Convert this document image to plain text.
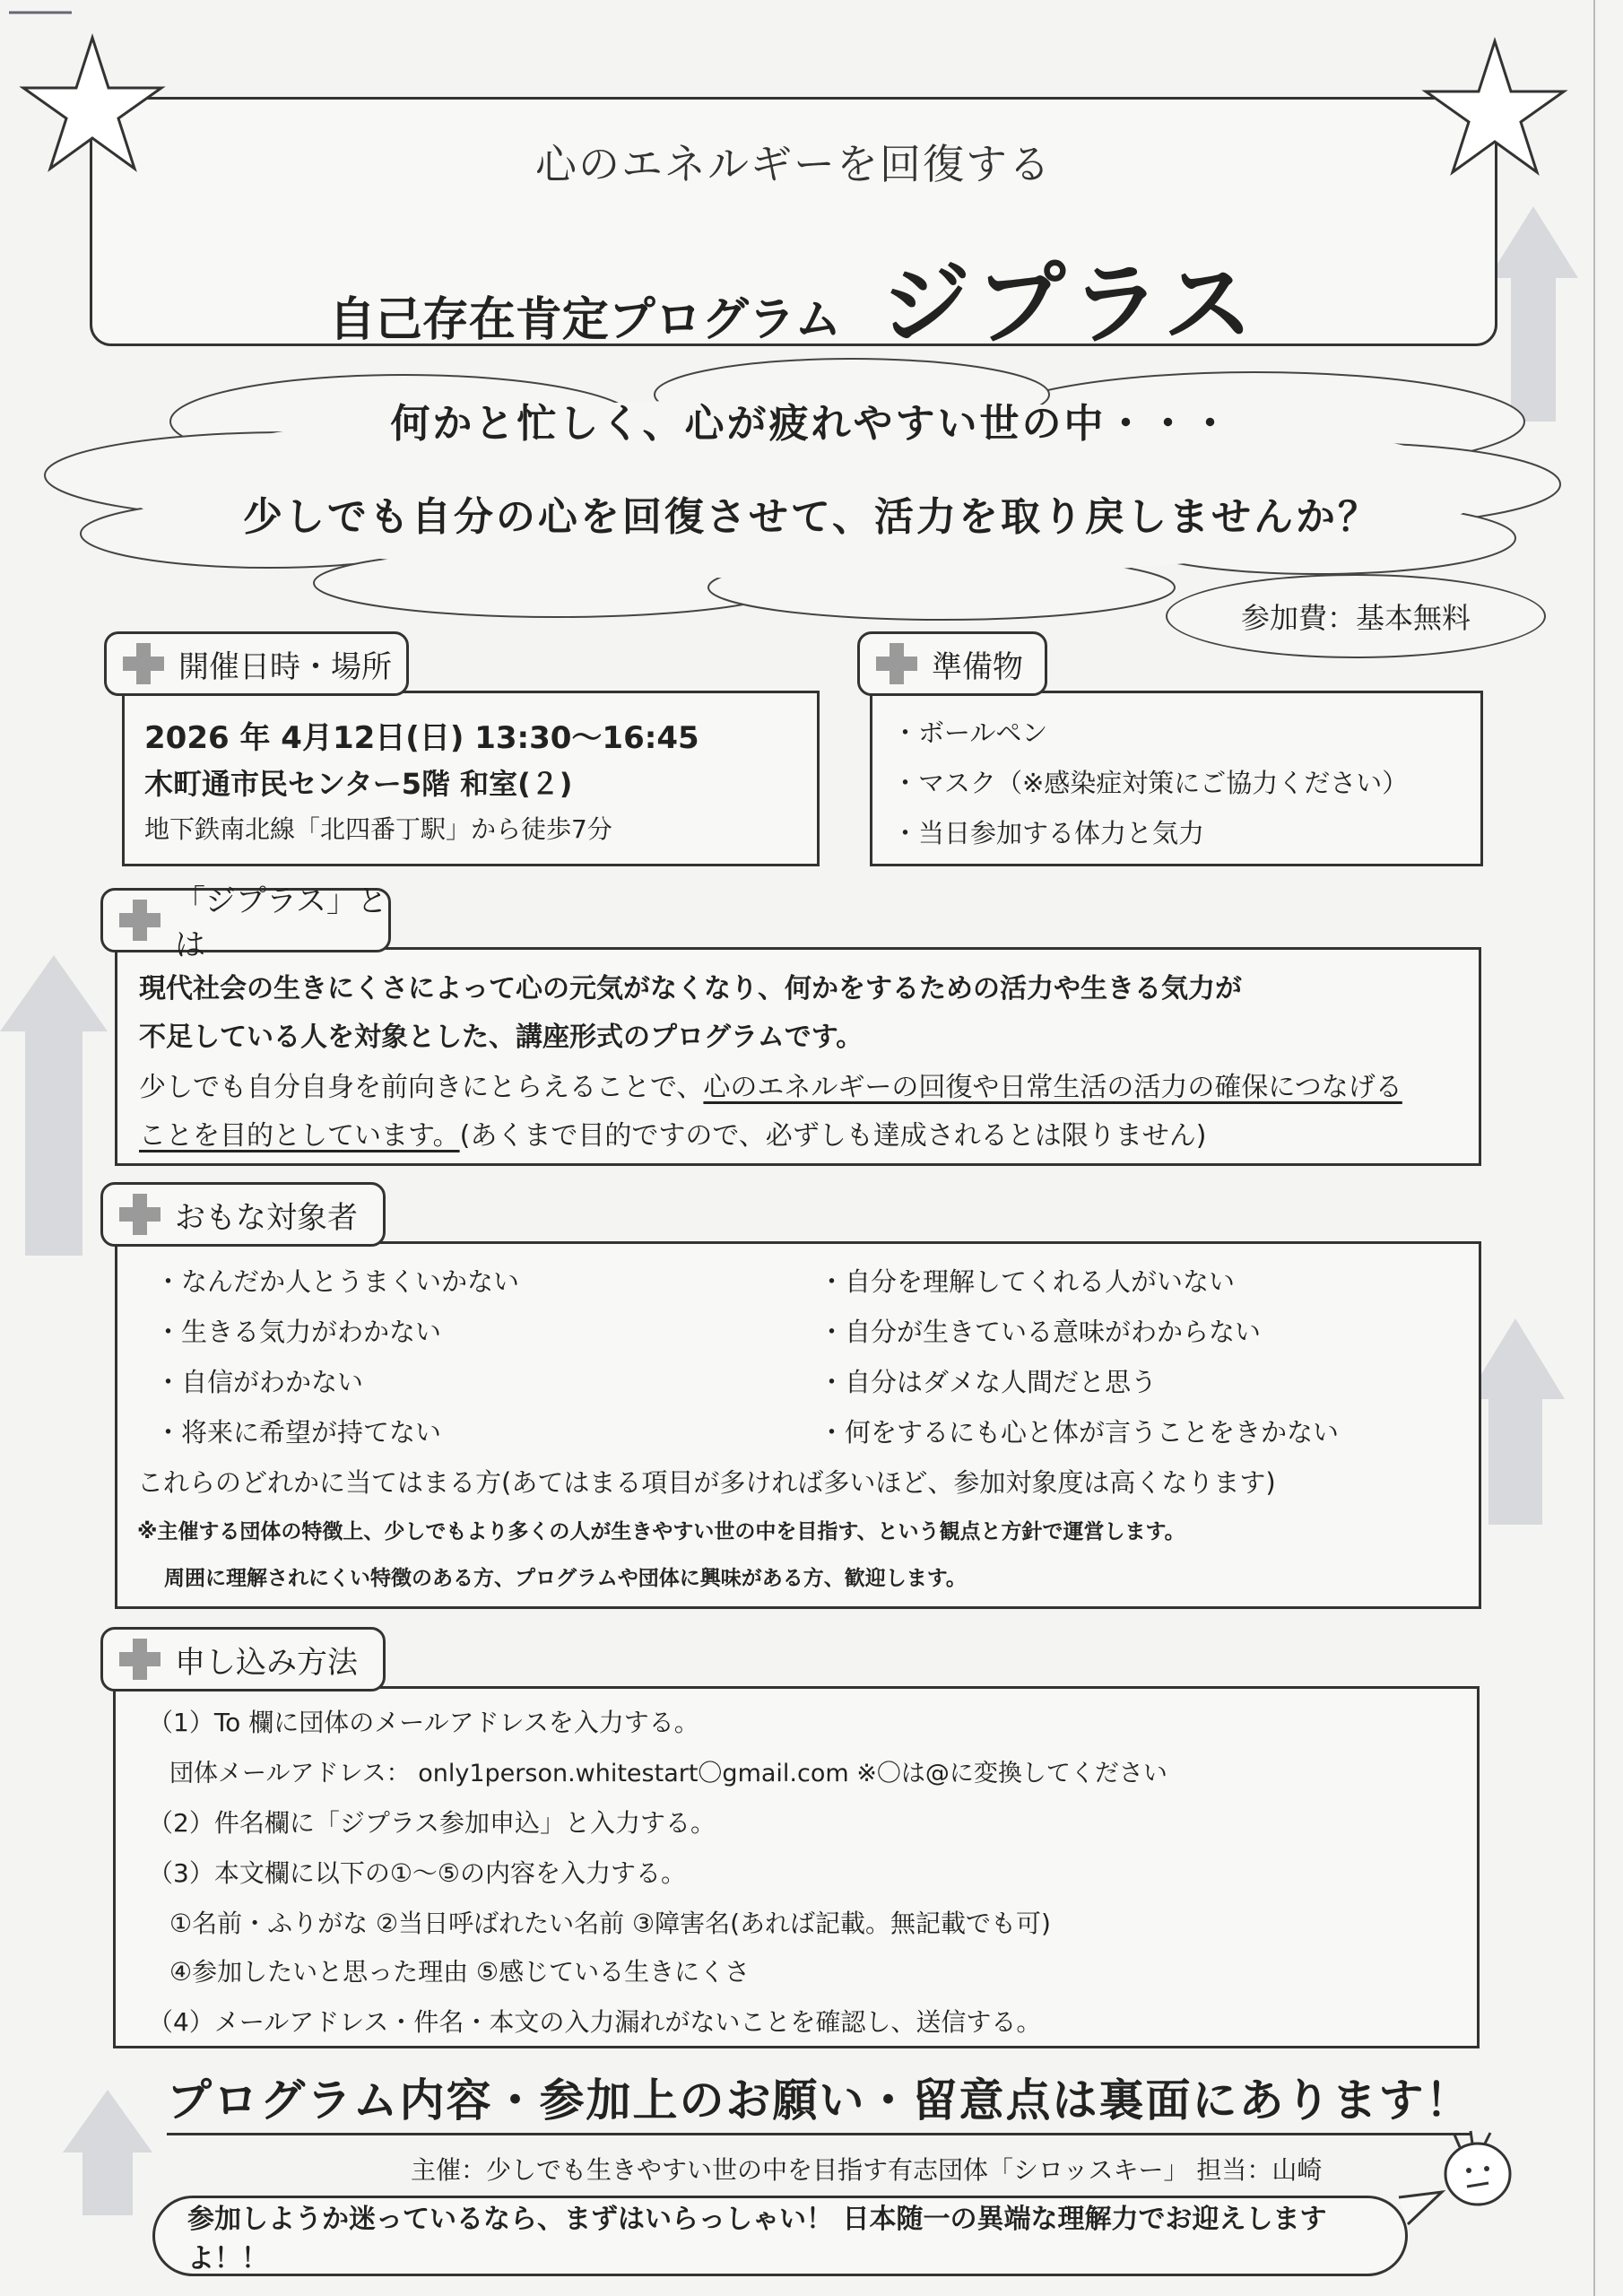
心のエネルギーを回復する
自己存在肯定プログラム ジプラス
何かと忙しく、心が疲れやすい世の中・・・
少しでも自分の心を回復させて、活力を取り戻しませんか？
参加費：基本無料
開催日時・場所
2026 年 4月12日(日) 13:30～16:45
木町通市民センター5階 和室(２)
地下鉄南北線「北四番丁駅」から徒歩7分
準備物
・ボールペン
・マスク（※感染症対策にご協力ください）
・当日参加する体力と気力
「ジプラス」とは
現代社会の生きにくさによって心の元気がなくなり、何かをするための活力や生きる気力が
不足している人を対象とした、講座形式のプログラムです。
少しでも自分自身を前向きにとらえることで、心のエネルギーの回復や日常生活の活力の確保につなげる
ことを目的としています。(あくまで目的ですので、必ずしも達成されるとは限りません)
おもな対象者
・なんだか人とうまくいかない
・生きる気力がわかない
・自信がわかない
・将来に希望が持てない
・自分を理解してくれる人がいない
・自分が生きている意味がわからない
・自分はダメな人間だと思う
・何をするにも心と体が言うことをきかない
これらのどれかに当てはまる方(あてはまる項目が多ければ多いほど、参加対象度は高くなります)
※主催する団体の特徴上、少しでもより多くの人が生きやすい世の中を目指す、という観点と方針で運営します。
周囲に理解されにくい特徴のある方、プログラムや団体に興味がある方、歓迎します。
申し込み方法
（1）To 欄に団体のメールアドレスを入力する。
団体メールアドレス： only1person.whitestart〇gmail.com ※〇は@に変換してください
（2）件名欄に「ジプラス参加申込」と入力する。
（3）本文欄に以下の①～⑤の内容を入力する。
①名前・ふりがな ②当日呼ばれたい名前 ③障害名(あれば記載。無記載でも可)
④参加したいと思った理由 ⑤感じている生きにくさ
（4）メールアドレス・件名・本文の入力漏れがないことを確認し、送信する。
プログラム内容・参加上のお願い・留意点は裏面にあります！
主催：少しでも生きやすい世の中を目指す有志団体「シロッスキー」 担当：山崎
参加しようか迷っているなら、まずはいらっしゃい！ 日本随一の異端な理解力でお迎えしますよ！！
